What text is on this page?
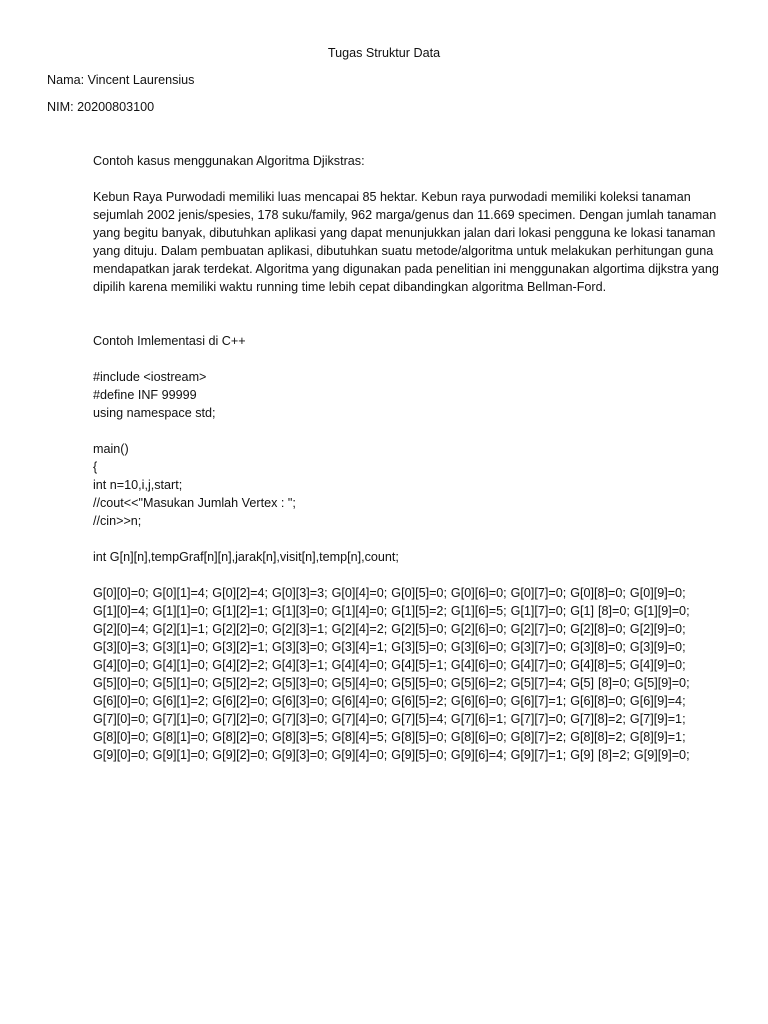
Tugas Struktur Data
Nama: Vincent Laurensius
NIM: 20200803100

Contoh kasus menggunakan Algoritma Djikstras:

Kebun Raya Purwodadi memiliki luas mencapai 85 hektar. Kebun raya purwodadi memiliki koleksi tanaman sejumlah 2002 jenis/spesies, 178 suku/family, 962 marga/genus dan 11.669 specimen. Dengan jumlah tanaman yang begitu banyak, dibutuhkan aplikasi yang dapat menunjukkan jalan dari lokasi pengguna ke lokasi tanaman yang dituju. Dalam pembuatan aplikasi, dibutuhkan suatu metode/algoritma untuk melakukan perhitungan guna mendapatkan jarak terdekat. Algoritma yang digunakan pada penelitian ini menggunakan algortima dijkstra yang dipilih karena memiliki waktu running time lebih cepat dibandingkan algoritma Bellman-Ford.

Contoh Imlementasi di C++

#include <iostream>
#define INF 99999
using namespace std;
main()
{
int n=10,i,j,start;
//cout<<"Masukan Jumlah Vertex : ";
//cin>>n;
int G[n][n],tempGraf[n][n],jarak[n],visit[n],temp[n],count;
G[0][0]=0; G[0][1]=4; G[0][2]=4; G[0][3]=3; G[0][4]=0; G[0][5]=0; G[0][6]=0; G[0][7]=0; G[0][8]=0; G[0][9]=0;
G[1][0]=4; G[1][1]=0; G[1][2]=1; G[1][3]=0; G[1][4]=0; G[1][5]=2; G[1][6]=5; G[1][7]=0; G[1] [8]=0; G[1][9]=0;
G[2][0]=4; G[2][1]=1; G[2][2]=0; G[2][3]=1; G[2][4]=2; G[2][5]=0; G[2][6]=0; G[2][7]=0; G[2][8]=0; G[2][9]=0;
G[3][0]=3; G[3][1]=0; G[3][2]=1; G[3][3]=0; G[3][4]=1; G[3][5]=0; G[3][6]=0; G[3][7]=0; G[3][8]=0; G[3][9]=0;
G[4][0]=0; G[4][1]=0; G[4][2]=2; G[4][3]=1; G[4][4]=0; G[4][5]=1; G[4][6]=0; G[4][7]=0; G[4][8]=5; G[4][9]=0;
G[5][0]=0; G[5][1]=0; G[5][2]=2; G[5][3]=0; G[5][4]=0; G[5][5]=0; G[5][6]=2; G[5][7]=4; G[5] [8]=0; G[5][9]=0;
G[6][0]=0; G[6][1]=2; G[6][2]=0; G[6][3]=0; G[6][4]=0; G[6][5]=2; G[6][6]=0; G[6][7]=1; G[6][8]=0; G[6][9]=4;
G[7][0]=0; G[7][1]=0; G[7][2]=0; G[7][3]=0; G[7][4]=0; G[7][5]=4; G[7][6]=1; G[7][7]=0; G[7][8]=2; G[7][9]=1;
G[8][0]=0; G[8][1]=0; G[8][2]=0; G[8][3]=5; G[8][4]=5; G[8][5]=0; G[8][6]=0; G[8][7]=2; G[8][8]=2; G[8][9]=1;
G[9][0]=0; G[9][1]=0; G[9][2]=0; G[9][3]=0; G[9][4]=0; G[9][5]=0; G[9][6]=4; G[9][7]=1; G[9] [8]=2; G[9][9]=0;
